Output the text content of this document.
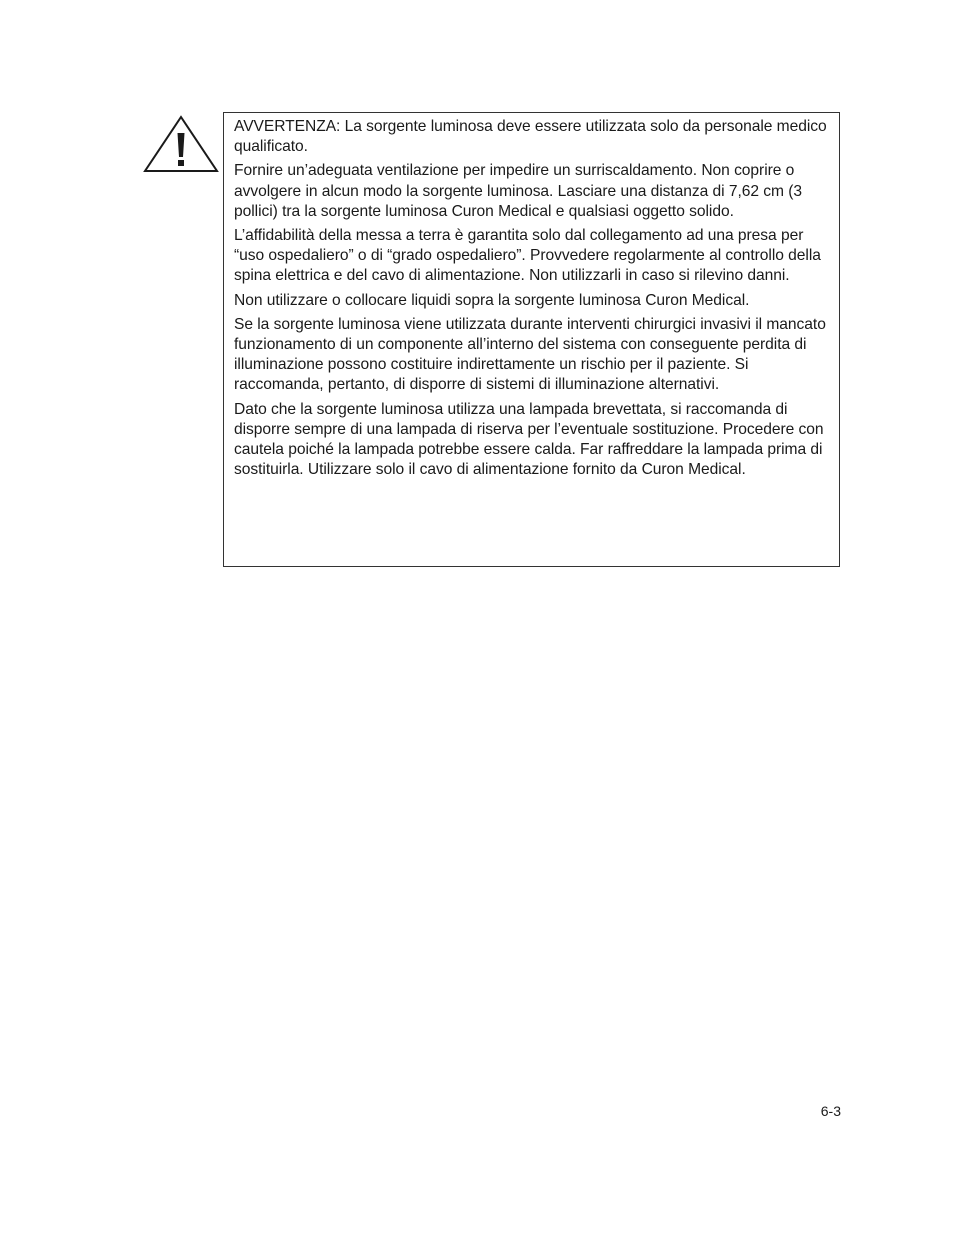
AVVERTENZA: La sorgente luminosa deve essere utilizzata solo da personale medico qualificato.

Fornire un’adeguata ventilazione per impedire un surriscaldamento. Non coprire o avvolgere in alcun modo la sorgente luminosa. Lasciare una distanza di 7,62 cm (3 pollici) tra la sorgente luminosa Curon Medical e qualsiasi oggetto solido.

L’affidabilità della messa a terra è garantita solo dal collegamento ad una presa per “uso ospedaliero” o di “grado ospedaliero”. Provvedere regolarmente al controllo della spina elettrica e del cavo di alimentazione. Non utilizzarli in caso si rilevino danni.

Non utilizzare o collocare liquidi sopra la sorgente luminosa Curon Medical.

Se la sorgente luminosa viene utilizzata durante interventi chirurgici invasivi il mancato funzionamento di un componente all’interno del sistema con conseguente perdita di illuminazione possono costituire indirettamente un rischio per il paziente. Si raccomanda, pertanto, di disporre di sistemi di illuminazione alternativi.

Dato che la sorgente luminosa utilizza una lampada brevettata, si raccomanda di disporre sempre di una lampada di riserva per l’eventuale sostituzione. Procedere con cautela poiché la lampada potrebbe essere calda. Far raffreddare la lampada prima di sostituirla. Utilizzare solo il cavo di alimentazione fornito da Curon Medical.

6-3
